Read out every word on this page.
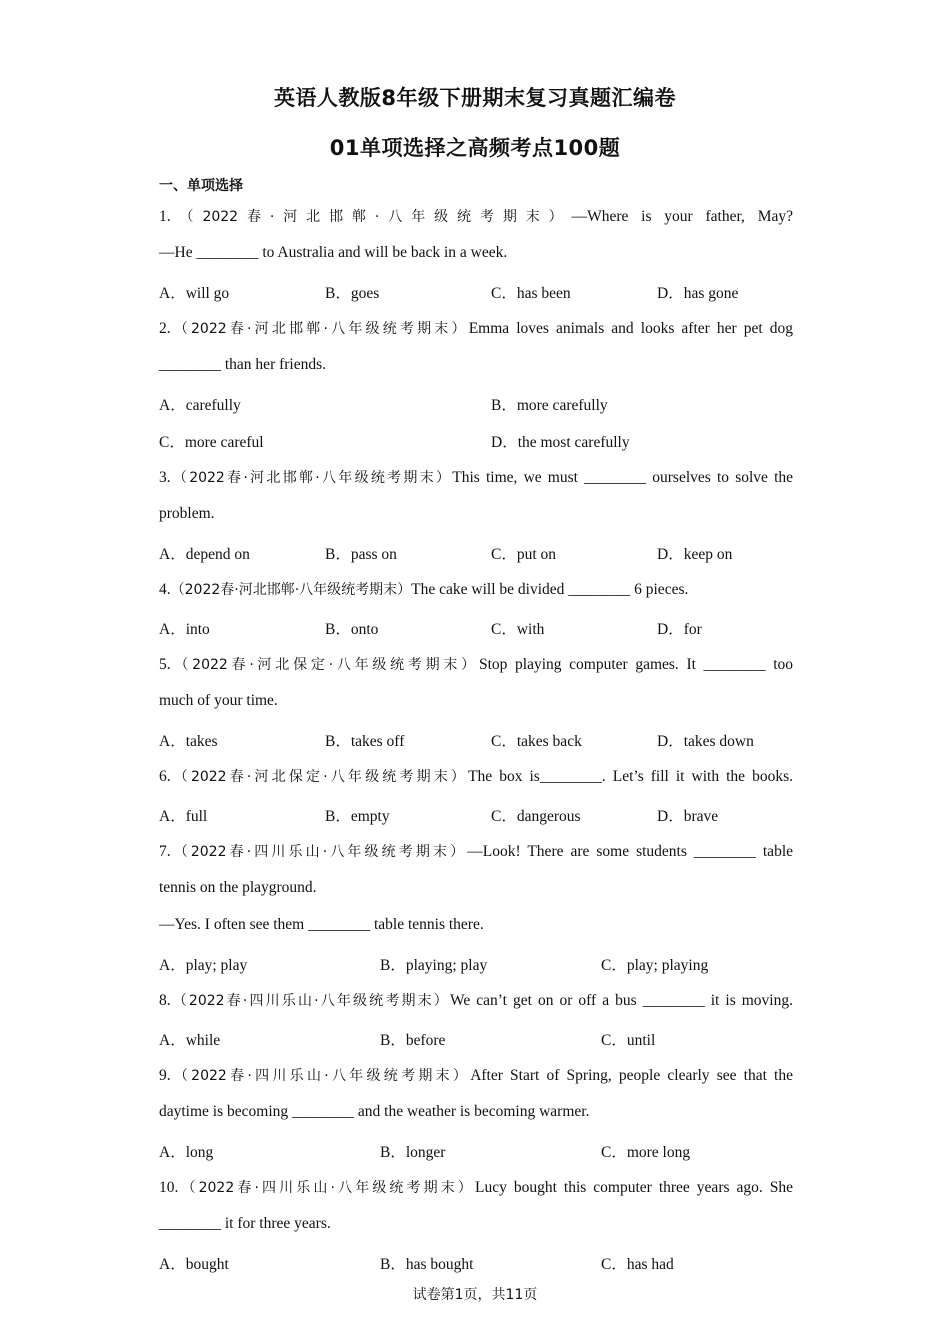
英语人教版8年级下册期末复习真题汇编卷
01单项选择之高频考点100题
一、单项选择
1.（2022春·河北邯郸·八年级统考期末）—Where is your father, May?
—He ________ to Australia and will be back in a week.
A．will go	B．goes	C．has been	D．has gone
2.（2022春·河北邯郸·八年级统考期末）Emma loves animals and looks after her pet dog
________ than her friends.
A．carefully	B．more carefully
C．more careful	D．the most carefully
3.（2022春·河北邯郸·八年级统考期末）This time, we must ________ ourselves to solve the
problem.
A．depend on	B．pass on	C．put on	D．keep on
4.（2022春·河北邯郸·八年级统考期末）The cake will be divided ________ 6 pieces.
A．into	B．onto	C．with	D．for
5.（2022春·河北保定·八年级统考期末）Stop playing computer games. It ________ too
much of your time.
A．takes	B．takes off	C．takes back	D．takes down
6.（2022春·河北保定·八年级统考期末）The box is________. Let’s fill it with the books.
A．full	B．empty	C．dangerous	D．brave
7.（2022春·四川乐山·八年级统考期末）—Look! There are some students ________ table
tennis on the playground.
—Yes. I often see them ________ table tennis there.
A．play; play	B．playing; play	C．play; playing
8.（2022春·四川乐山·八年级统考期末）We can’t get on or off a bus ________ it is moving.
A．while	B．before	C．until
9.（2022春·四川乐山·八年级统考期末）After Start of Spring, people clearly see that the
daytime is becoming ________ and the weather is becoming warmer.
A．long	B．longer	C．more long
10.（2022春·四川乐山·八年级统考期末）Lucy bought this computer three years ago. She
________ it for three years.
A．bought	B．has bought	C．has had
试卷第1页，共11页
